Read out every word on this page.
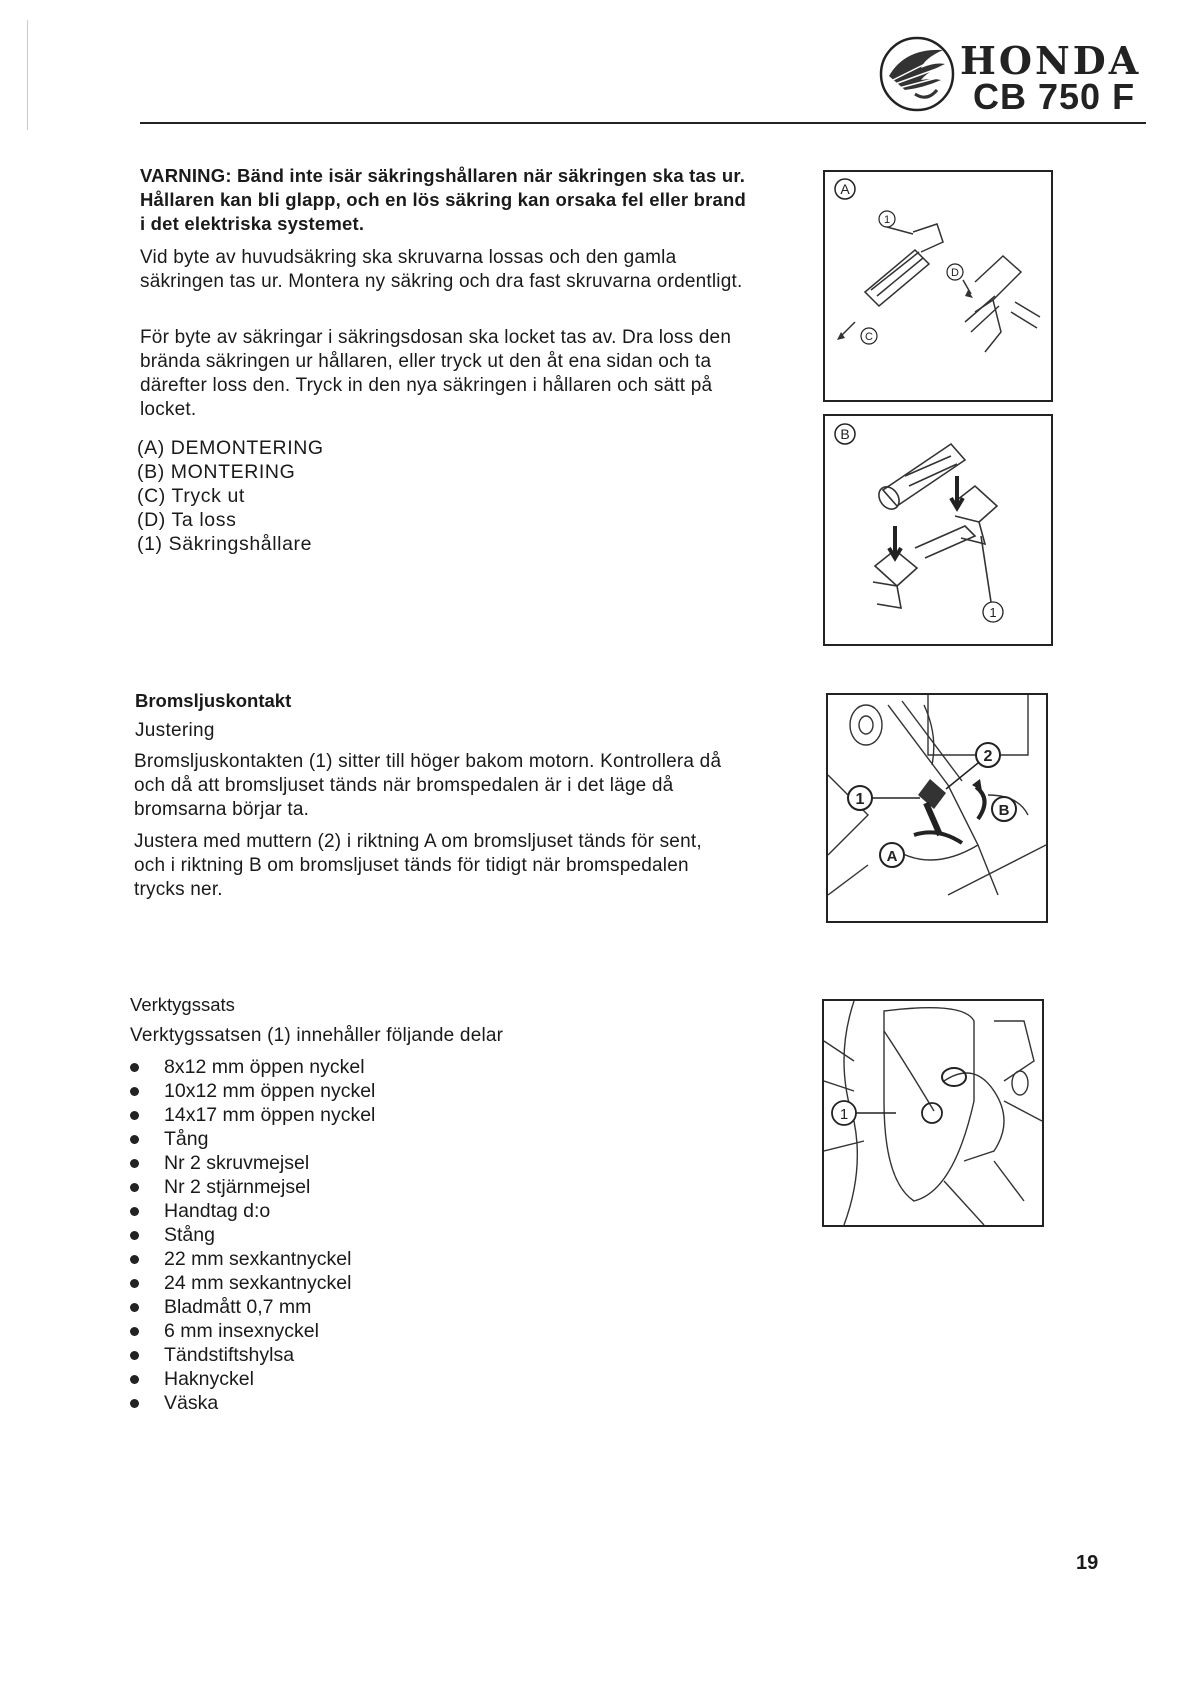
HONDA
CB 750 F
VARNING: Bänd inte isär säkringshållaren när säkringen ska tas ur. Hållaren kan bli glapp, och en lös säkring kan orsaka fel eller brand i det elektriska systemet.
Vid byte av huvudsäkring ska skruvarna lossas och den gamla säkringen tas ur. Montera ny säkring och dra fast skruvarna ordentligt.
För byte av säkringar i säkringsdosan ska locket tas av. Dra loss den brända säkringen ur hållaren, eller tryck ut den åt ena sidan och ta därefter loss den. Tryck in den nya säkringen i hållaren och sätt på locket.
(A) DEMONTERING
(B) MONTERING
(C) Tryck ut
(D) Ta loss
(1) Säkringshållare
A
1
D
C
B
1
Bromsljuskontakt
Justering
Bromsljuskontakten (1) sitter till höger bakom motorn. Kontrollera då och då att bromsljuset tänds när bromspedalen är i det läge då bromsarna börjar ta.
Justera med muttern (2) i riktning A om bromsljuset tänds för sent, och i riktning B om bromsljuset tänds för tidigt när bromspedalen trycks ner.
1
2
A
B
Verktygssats
Verktygssatsen (1) innehåller följande delar
8x12 mm öppen nyckel
10x12 mm öppen nyckel
14x17 mm öppen nyckel
Tång
Nr 2 skruvmejsel
Nr 2 stjärnmejsel
Handtag d:o
Stång
22 mm sexkantnyckel
24 mm sexkantnyckel
Bladmått 0,7 mm
6 mm insexnyckel
Tändstiftshylsa
Haknyckel
Väska
1
19
